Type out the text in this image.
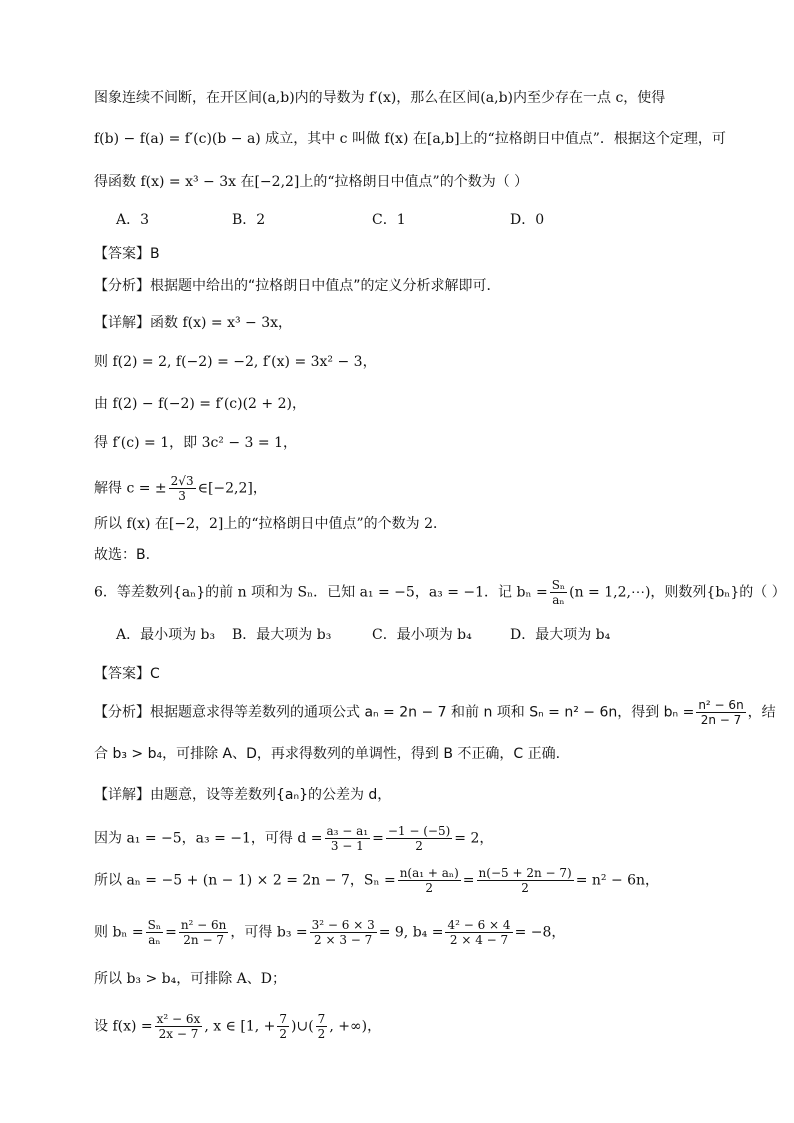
图象连续不间断，在开区间(a,b)内的导数为 f′(x)，那么在区间(a,b)内至少存在一点 c，使得
f(b) − f(a) = f′(c)(b − a) 成立，其中 c 叫做 f(x) 在[a,b]上的“拉格朗日中值点”．根据这个定理，可
得函数 f(x) = x³ − 3x 在[−2,2]上的“拉格朗日中值点”的个数为（ ）
A．3	B．2	C．1	D．0
【答案】B
【分析】根据题中给出的“拉格朗日中值点”的定义分析求解即可．
【详解】函数 f(x) = x³ − 3x，
则 f(2) = 2, f(−2) = −2, f′(x) = 3x² − 3，
由 f(2) − f(−2) = f′(c)(2 + 2)，
得 f′(c) = 1，即 3c² − 3 = 1，
解得 c = ± $\frac{2√3}{3}$ ∈[−2,2]，
所以 f(x) 在[−2，2]上的“拉格朗日中值点”的个数为 2．
故选：B.
6．等差数列{aₙ}的前 n 项和为 Sₙ．已知 a₁ = −5，a₃ = −1．记 $b_n = \frac{\text{Sₙ}}{\text{aₙ}} (n$ = 1,2,⋯)，则数列{bₙ}的（ ）
A．最小项为 b₃ B．最大项为 b₃	C．最小项为 b₄	D．最大项为 b₄
【答案】C
【分析】根据题意求得等差数列的通项公式 aₙ = 2n − 7 和前 n 项和 Sₙ = n² − 6n，得到 $b_n = \frac{\text{n² − 6n}}{2n - 7}$ ，结
合 b₃ > b₄，可排除 A、D，再求得数列的单调性，得到 B 不正确，C 正确.
【详解】由题意，设等差数列{aₙ}的公差为 d，
因为 a₁ = −5，a₃ = −1，可得 $d = \frac{\text{a₃ − a₁}}{3 - 1} = \frac{-1 - (-5)}{2} = 2$，
所以 aₙ = −5 + (n − 1) × 2 = 2n − 7，$S_n = \frac{\text{n(a₁ + aₙ)}}{2} = \frac{n(-5 + 2n - 7)}{2} = n^2 - 6n$，
则 $b_n = \frac{\text{Sₙ}}{\text{aₙ}} = \frac{\text{n² − 6n}}{2n - 7}$ ，可得 $b_3 = \frac{\text{3² − 6 × 3}}{2 \times 3 - 7} = 9$, $b_4 = \frac{\text{4² − 6 × 4}}{2 \times 4 - 7} = -8$，
所以 b₃ > b₄，可排除 A、D；
设 $f(x) = \frac{\text{x² − 6x}}{2x - 7}$ , x ∈ [1, + $\frac{7}{2}$ )∪( $\frac{7}{2}$ , +∞)，
